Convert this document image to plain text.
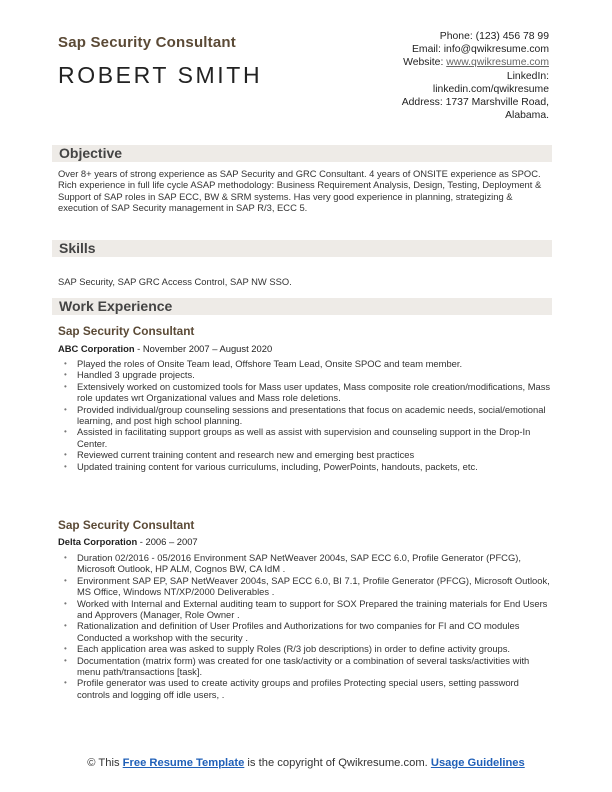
Sap Security Consultant
ROBERT SMITH
Phone: (123) 456 78 99
Email: info@qwikresume.com
Website: www.qwikresume.com
LinkedIn:
linkedin.com/qwikresume
Address: 1737 Marshville Road,
Alabama.
Objective
Over 8+ years of strong experience as SAP Security and GRC Consultant. 4 years of ONSITE experience as SPOC. Rich experience in full life cycle ASAP methodology: Business Requirement Analysis, Design, Testing, Deployment & Support of SAP roles in SAP ECC, BW & SRM systems. Has very good experience in planning, strategizing & execution of SAP Security management in SAP R/3, ECC 5.
Skills
SAP Security, SAP GRC Access Control, SAP NW SSO.
Work Experience
Sap Security Consultant
ABC Corporation - November 2007 – August 2020
• Played the roles of Onsite Team lead, Offshore Team Lead, Onsite SPOC and team member.
• Handled 3 upgrade projects.
• Extensively worked on customized tools for Mass user updates, Mass composite role creation/modifications, Mass role updates wrt Organizational values and Mass role deletions.
• Provided individual/group counseling sessions and presentations that focus on academic needs, social/emotional learning, and post high school planning.
• Assisted in facilitating support groups as well as assist with supervision and counseling support in the Drop-In Center.
• Reviewed current training content and research new and emerging best practices
• Updated training content for various curriculums, including, PowerPoints, handouts, packets, etc.
Sap Security Consultant
Delta Corporation - 2006 – 2007
• Duration 02/2016 - 05/2016 Environment SAP NetWeaver 2004s, SAP ECC 6.0, Profile Generator (PFCG), Microsoft Outlook, HP ALM, Cognos BW, CA IdM .
• Environment SAP EP, SAP NetWeaver 2004s, SAP ECC 6.0, BI 7.1, Profile Generator (PFCG), Microsoft Outlook, MS Office, Windows NT/XP/2000 Deliverables .
• Worked with Internal and External auditing team to support for SOX Prepared the training materials for End Users and Approvers (Manager, Role Owner .
• Rationalization and definition of User Profiles and Authorizations for two companies for FI and CO modules Conducted a workshop with the security .
• Each application area was asked to supply Roles (R/3 job descriptions) in order to define activity groups.
• Documentation (matrix form) was created for one task/activity or a combination of several tasks/activities with menu path/transactions [task].
• Profile generator was used to create activity groups and profiles Protecting special users, setting password controls and logging off idle users, .
© This Free Resume Template is the copyright of Qwikresume.com. Usage Guidelines
